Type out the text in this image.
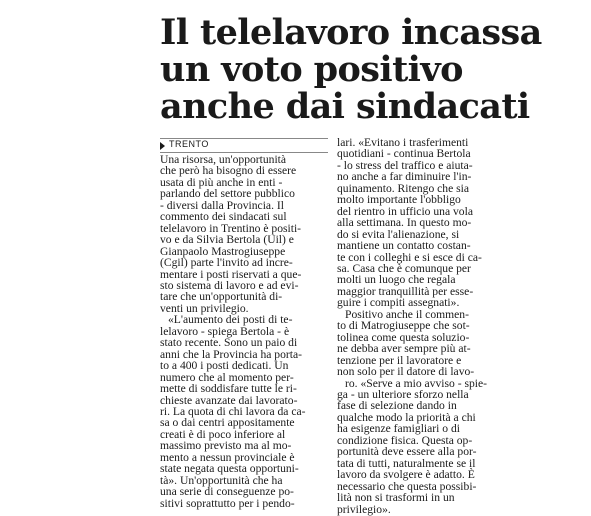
Il telelavoro incassa
un voto positivo
anche dai sindacati
TRENTO
Una risorsa, un'opportunità
che però ha bisogno di essere
usata di più anche in enti -
parlando del settore pubblico
- diversi dalla Provincia. Il
commento dei sindacati sul
telelavoro in Trentino è positi-
vo e da Silvia Bertola (Uil) e
Gianpaolo Mastrogiuseppe
(Cgil) parte l'invito ad incre-
mentare i posti riservati a que-
sto sistema di lavoro e ad evi-
tare che un'opportunità di-
venti un privilegio.
«L'aumento dei posti di te-
lelavoro - spiega Bertola - è
stato recente. Sono un paio di
anni che la Provincia ha porta-
to a 400 i posti dedicati. Un
numero che al momento per-
mette di soddisfare tutte le ri-
chieste avanzate dai lavorato-
ri. La quota di chi lavora da ca-
sa o dai centri appositamente
creati è di poco inferiore al
massimo previsto ma al mo-
mento a nessun provinciale è
state negata questa opportuni-
tà». Un'opportunità che ha
una serie di conseguenze po-
sitivi soprattutto per i pendo-
lari. «Evitano i trasferimenti
quotidiani - continua Bertola
- lo stress del traffico e aiuta-
no anche a far diminuire l'in-
quinamento. Ritengo che sia
molto importante l'obbligo
del rientro in ufficio una vola
alla settimana. In questo mo-
do si evita l'alienazione, si
mantiene un contatto costan-
te con i colleghi e si esce di ca-
sa. Casa che è comunque per
molti un luogo che regala
maggior tranquillità per esse-
guire i compiti assegnati».
Positivo anche il commen-
to di Matrogiuseppe che sot-
tolinea come questa soluzio-
ne debba aver sempre più at-
tenzione per il lavoratore e
non solo per il datore di lavo-
ro. «Serve a mio avviso - spie-
ga - un ulteriore sforzo nella
fase di selezione dando in
qualche modo la priorità a chi
ha esigenze famigliari o di
condizione fisica. Questa op-
portunità deve essere alla por-
tata di tutti, naturalmente se il
lavoro da svolgere è adatto. È
necessario che questa possibi-
lità non si trasformi in un
privilegio».
